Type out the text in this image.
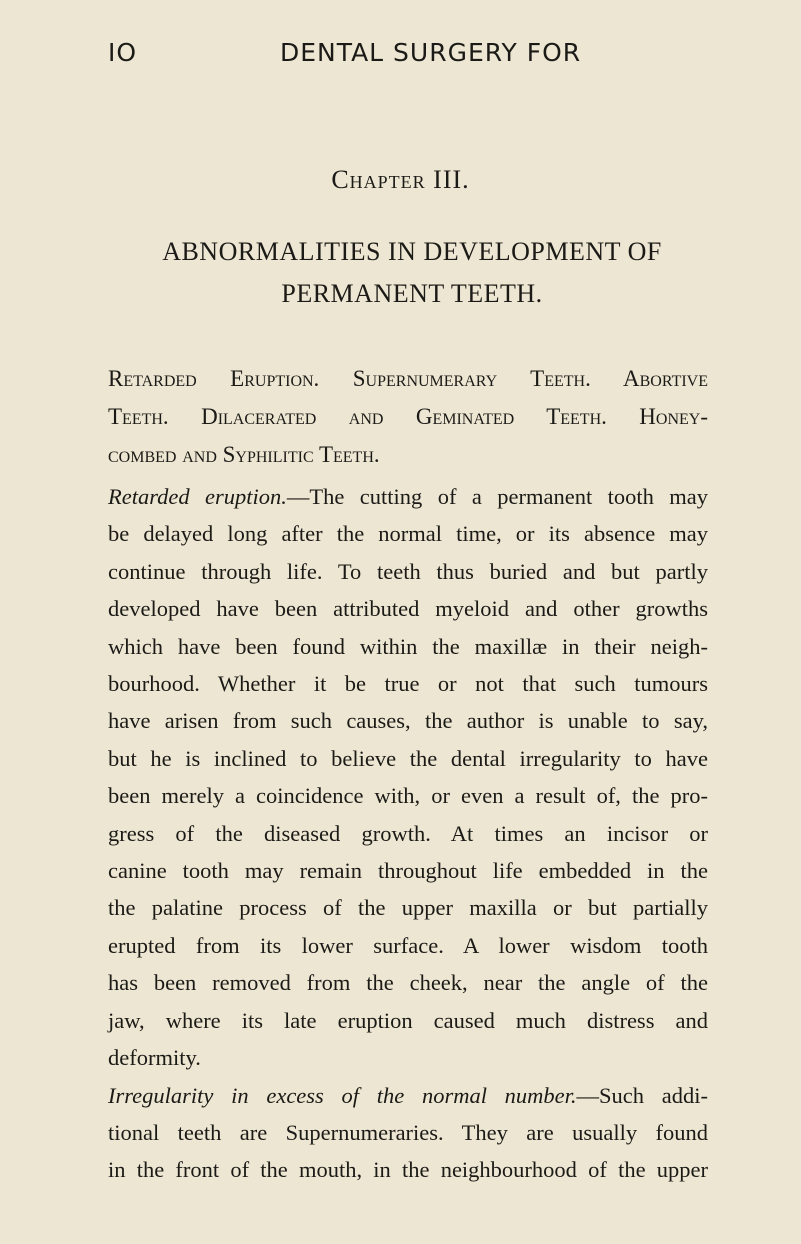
IO	DENTAL SURGERY FOR
Chapter III.
ABNORMALITIES IN DEVELOPMENT OF
PERMANENT TEETH.
Retarded Eruption. Supernumerary Teeth. Abortive
Teeth. Dilacerated and Geminated Teeth. Honey-
combed and Syphilitic Teeth.
Retarded eruption.—The cutting of a permanent tooth may
be delayed long after the normal time, or its absence may
continue through life. To teeth thus buried and but partly
developed have been attributed myeloid and other growths
which have been found within the maxillæ in their neigh-
bourhood. Whether it be true or not that such tumours
have arisen from such causes, the author is unable to say,
but he is inclined to believe the dental irregularity to have
been merely a coincidence with, or even a result of, the pro-
gress of the diseased growth. At times an incisor or
canine tooth may remain throughout life embedded in the
the palatine process of the upper maxilla or but partially
erupted from its lower surface. A lower wisdom tooth
has been removed from the cheek, near the angle of the
jaw, where its late eruption caused much distress and
deformity.
Irregularity in excess of the normal number.—Such addi-
tional teeth are Supernumeraries. They are usually found
in the front of the mouth, in the neighbourhood of the upper
